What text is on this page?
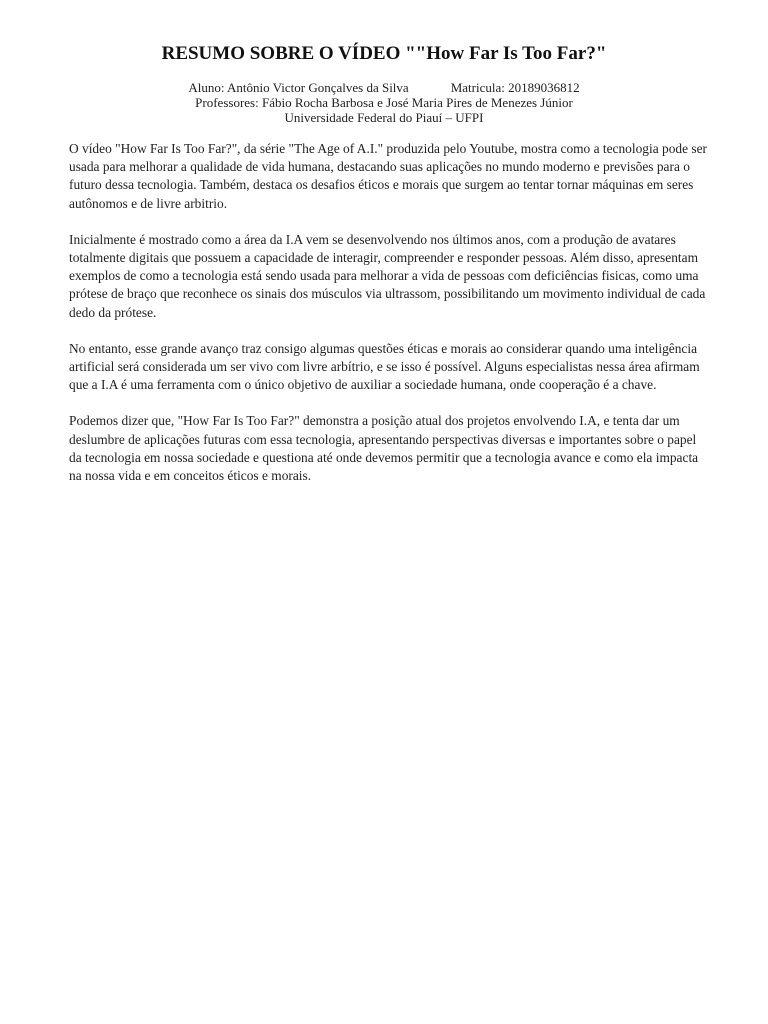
RESUMO SOBRE O VÍDEO ""How Far Is Too Far?"
Aluno: Antônio Victor Gonçalves da Silva	Matricula: 20189036812
Professores: Fábio Rocha Barbosa e José Maria Pires de Menezes Júnior
Universidade Federal do Piauí – UFPI

O vídeo "How Far Is Too Far?", da série "The Age of A.I." produzida pelo Youtube, mostra como a tecnologia pode ser usada para melhorar a qualidade de vida humana, destacando suas aplicações no mundo moderno e previsões para o futuro dessa tecnologia. Também, destaca os desafios éticos e morais que surgem ao tentar tornar máquinas em seres autônomos e de livre arbitrio.

Inicialmente é mostrado como a área da I.A vem se desenvolvendo nos últimos anos, com a produção de avatares totalmente digitais que possuem a capacidade de interagir, compreender e responder pessoas. Além disso, apresentam exemplos de como a tecnologia está sendo usada para melhorar a vida de pessoas com deficiências fisicas, como uma prótese de braço que reconhece os sinais dos músculos via ultrassom, possibilitando um movimento individual de cada dedo da prótese.

No entanto, esse grande avanço traz consigo algumas questões éticas e morais ao considerar quando uma inteligência artificial será considerada um ser vivo com livre arbítrio, e se isso é possível. Alguns especialistas nessa área afirmam que a I.A é uma ferramenta com o único objetivo de auxiliar a sociedade humana, onde cooperação é a chave.

Podemos dizer que, "How Far Is Too Far?" demonstra a posição atual dos projetos envolvendo I.A, e tenta dar um deslumbre de aplicações futuras com essa tecnologia, apresentando perspectivas diversas e importantes sobre o papel da tecnologia em nossa sociedade e questiona até onde devemos permitir que a tecnologia avance e como ela impacta na nossa vida e em conceitos éticos e morais.
